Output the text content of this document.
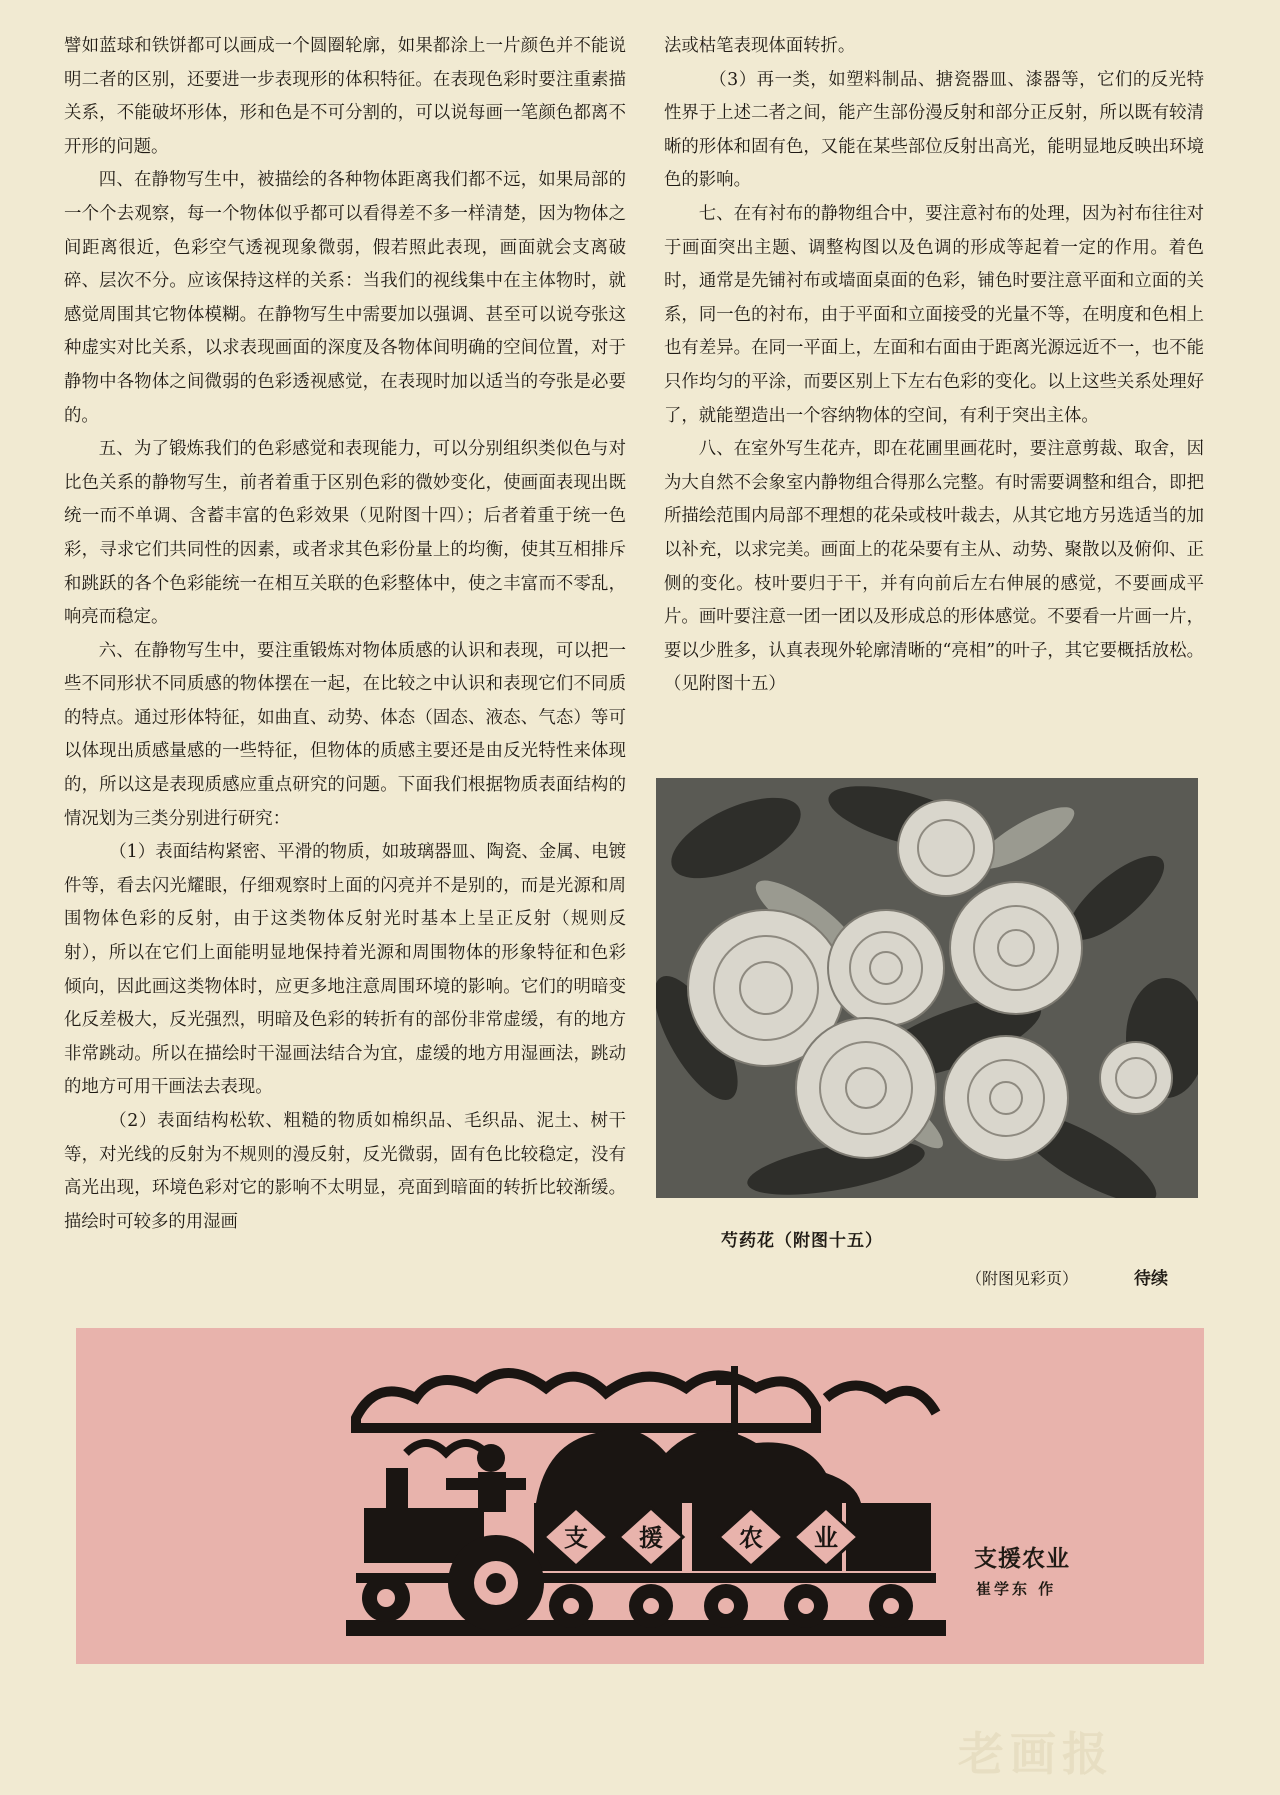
譬如蓝球和铁饼都可以画成一个圆圈轮廓，如果都涂上一片颜色并不能说明二者的区别，还要进一步表现形的体积特征。在表现色彩时要注重素描关系，不能破坏形体，形和色是不可分割的，可以说每画一笔颜色都离不开形的问题。

四、在静物写生中，被描绘的各种物体距离我们都不远，如果局部的一个个去观察，每一个物体似乎都可以看得差不多一样清楚，因为物体之间距离很近，色彩空气透视现象微弱，假若照此表现，画面就会支离破碎、层次不分。应该保持这样的关系：当我们的视线集中在主体物时，就感觉周围其它物体模糊。在静物写生中需要加以强调、甚至可以说夸张这种虚实对比关系，以求表现画面的深度及各物体间明确的空间位置，对于静物中各物体之间微弱的色彩透视感觉，在表现时加以适当的夸张是必要的。

五、为了锻炼我们的色彩感觉和表现能力，可以分别组织类似色与对比色关系的静物写生，前者着重于区别色彩的微妙变化，使画面表现出既统一而不单调、含蓄丰富的色彩效果（见附图十四）；后者着重于统一色彩，寻求它们共同性的因素，或者求其色彩份量上的均衡，使其互相排斥和跳跃的各个色彩能统一在相互关联的色彩整体中，使之丰富而不零乱，响亮而稳定。

六、在静物写生中，要注重锻炼对物体质感的认识和表现，可以把一些不同形状不同质感的物体摆在一起，在比较之中认识和表现它们不同质的特点。通过形体特征，如曲直、动势、体态（固态、液态、气态）等可以体现出质感量感的一些特征，但物体的质感主要还是由反光特性来体现的，所以这是表现质感应重点研究的问题。下面我们根据物质表面结构的情况划为三类分别进行研究：

（1）表面结构紧密、平滑的物质，如玻璃器皿、陶瓷、金属、电镀件等，看去闪光耀眼，仔细观察时上面的闪亮并不是别的，而是光源和周围物体色彩的反射，由于这类物体反射光时基本上呈正反射（规则反射），所以在它们上面能明显地保持着光源和周围物体的形象特征和色彩倾向，因此画这类物体时，应更多地注意周围环境的影响。它们的明暗变化反差极大，反光强烈，明暗及色彩的转折有的部份非常虚缓，有的地方非常跳动。所以在描绘时干湿画法结合为宜，虚缓的地方用湿画法，跳动的地方可用干画法去表现。

（2）表面结构松软、粗糙的物质如棉织品、毛织品、泥土、树干等，对光线的反射为不规则的漫反射，反光微弱，固有色比较稳定，没有高光出现，环境色彩对它的影响不太明显，亮面到暗面的转折比较渐缓。描绘时可较多的用湿画

法或枯笔表现体面转折。

（3）再一类，如塑料制品、搪瓷器皿、漆器等，它们的反光特性界于上述二者之间，能产生部份漫反射和部分正反射，所以既有较清晰的形体和固有色，又能在某些部位反射出高光，能明显地反映出环境色的影响。

七、在有衬布的静物组合中，要注意衬布的处理，因为衬布往往对于画面突出主题、调整构图以及色调的形成等起着一定的作用。着色时，通常是先铺衬布或墙面桌面的色彩，铺色时要注意平面和立面的关系，同一色的衬布，由于平面和立面接受的光量不等，在明度和色相上也有差异。在同一平面上，左面和右面由于距离光源远近不一，也不能只作均匀的平涂，而要区别上下左右色彩的变化。以上这些关系处理好了，就能塑造出一个容纳物体的空间，有利于突出主体。

八、在室外写生花卉，即在花圃里画花时，要注意剪裁、取舍，因为大自然不会象室内静物组合得那么完整。有时需要调整和组合，即把所描绘范围内局部不理想的花朵或枝叶裁去，从其它地方另选适当的加以补充，以求完美。画面上的花朵要有主从、动势、聚散以及俯仰、正侧的变化。枝叶要归于干，并有向前后左右伸展的感觉，不要画成平片。画叶要注意一团一团以及形成总的形体感觉。不要看一片画一片，要以少胜多，认真表现外轮廓清晰的“亮相”的叶子，其它要概括放松。（见附图十五）

芍药花（附图十五）
（附图见彩页）	待续
支 援	农 业
支援农业
崔学东 作
老画报
